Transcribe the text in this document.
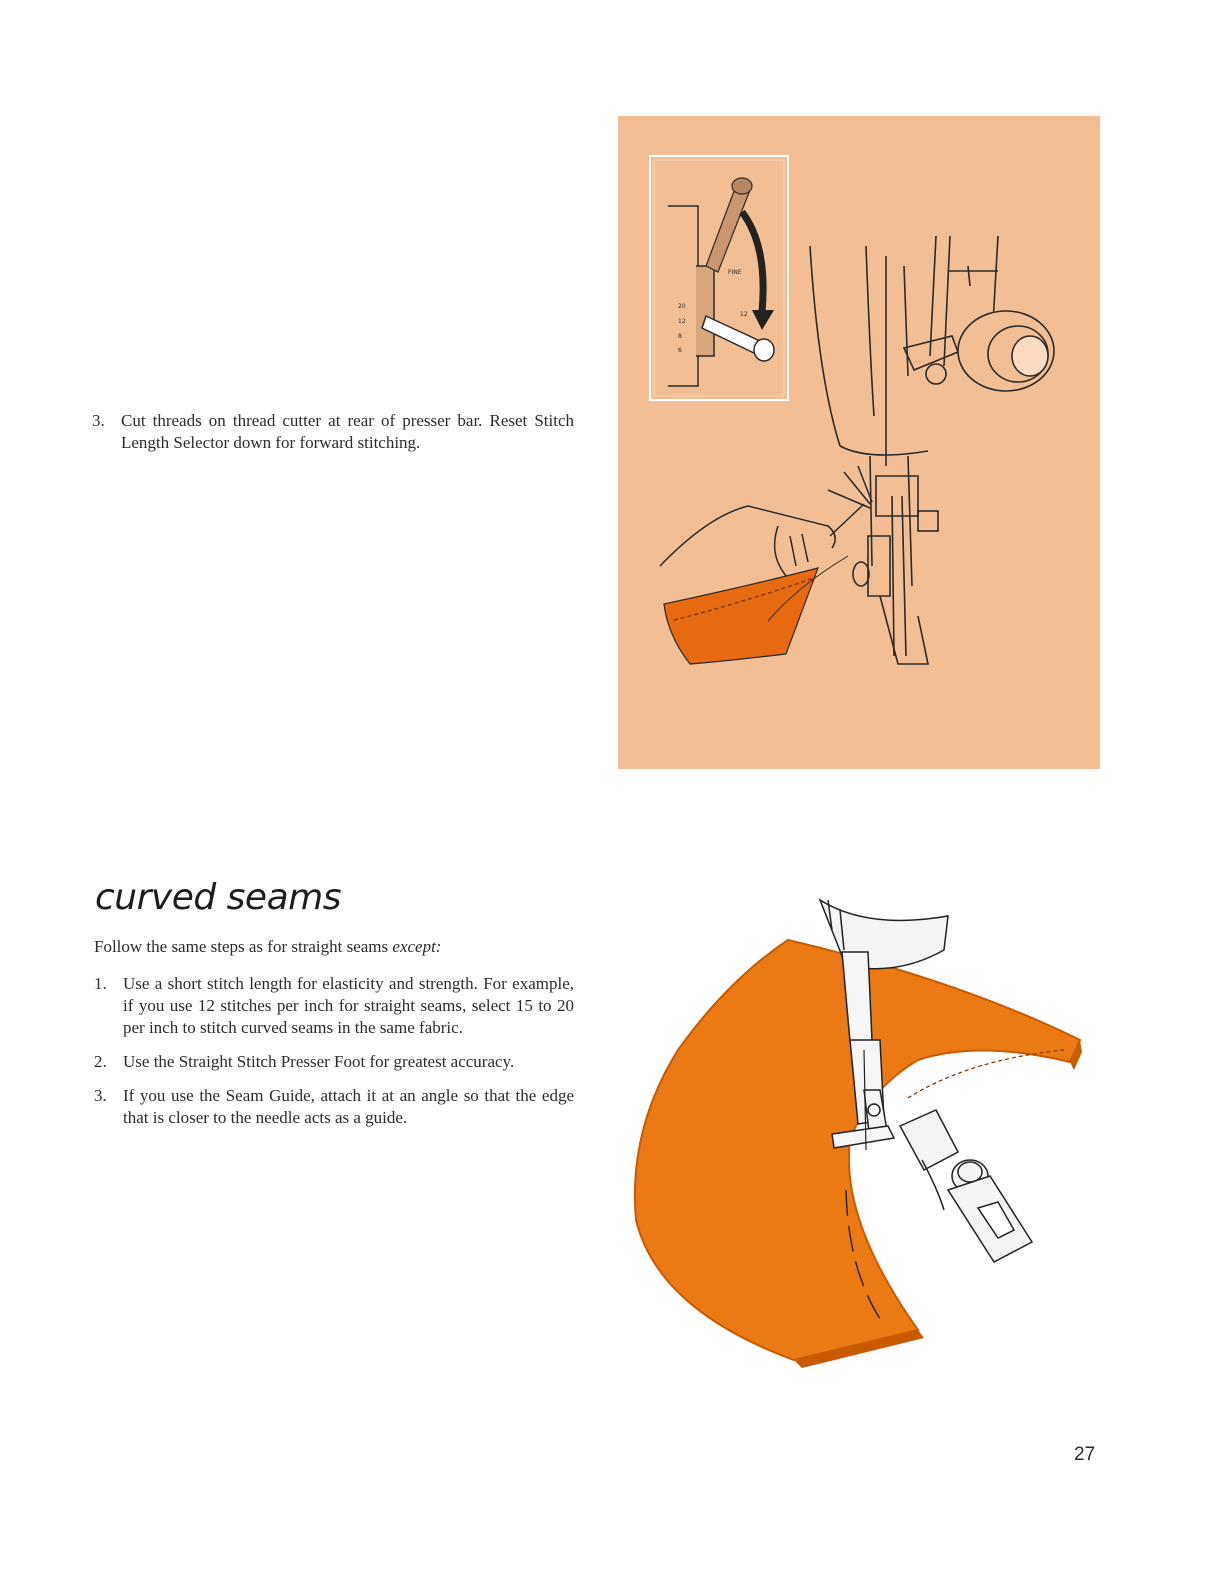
3. Cut threads on thread cutter at rear of presser bar. Reset Stitch Length Selector down for forward stitching.
20
12
8
6
FINE
12
curved seams
Follow the same steps as for straight seams except:
1. Use a short stitch length for elasticity and strength. For example, if you use 12 stitches per inch for straight seams, select 15 to 20 per inch to stitch curved seams in the same fabric.
2. Use the Straight Stitch Presser Foot for greatest accuracy.
3. If you use the Seam Guide, attach it at an angle so that the edge that is closer to the needle acts as a guide.
27
